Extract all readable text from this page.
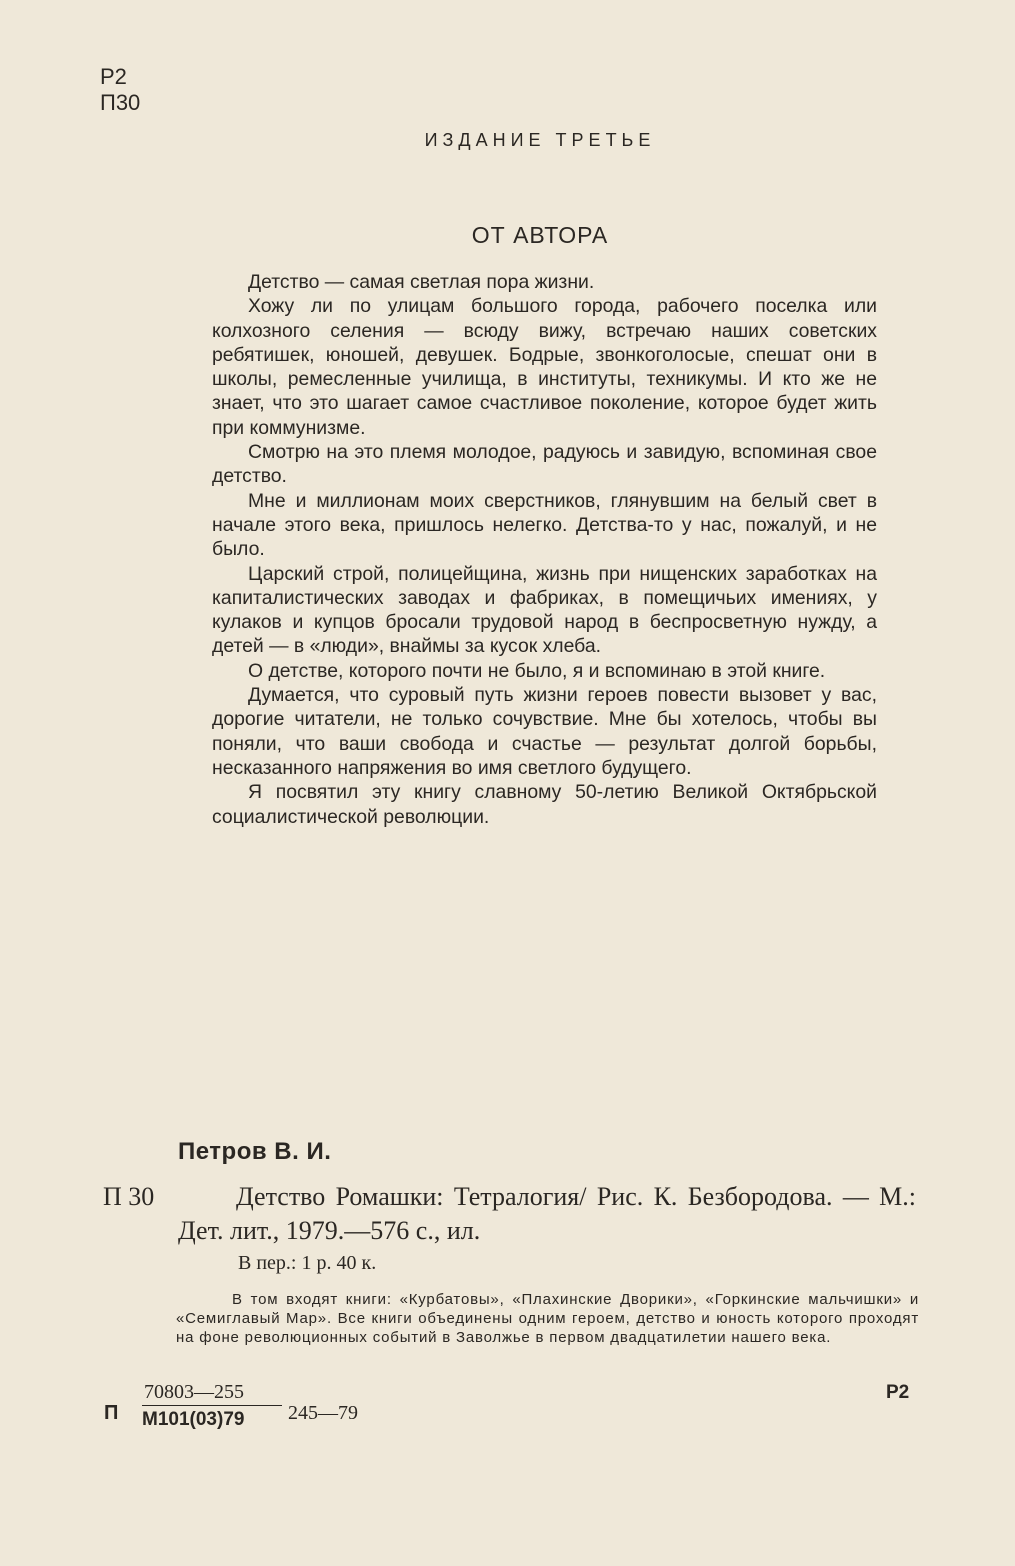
Р2
П30
ИЗДАНИЕ ТРЕТЬЕ
ОТ АВТОРА

Детство — самая светлая пора жизни.

Хожу ли по улицам большого города, рабочего поселка или колхозного селения — всюду вижу, встречаю наших советских ребятишек, юношей, девушек. Бодрые, звонкоголосые, спешат они в школы, ремесленные училища, в институты, техникумы. И кто же не знает, что это шагает самое счастливое поколение, которое будет жить при коммунизме.

Смотрю на это племя молодое, радуюсь и завидую, вспоминая свое детство.

Мне и миллионам моих сверстников, глянувшим на белый свет в начале этого века, пришлось нелегко. Детства-то у нас, пожалуй, и не было.

Царский строй, полицейщина, жизнь при нищенских заработках на капиталистических заводах и фабриках, в помещичьих имениях, у кулаков и купцов бросали трудовой народ в беспросветную нужду, а детей — в «люди», внаймы за кусок хлеба.

О детстве, которого почти не было, я и вспоминаю в этой книге.

Думается, что суровый путь жизни героев повести вызовет у вас, дорогие читатели, не только сочувствие. Мне бы хотелось, чтобы вы поняли, что ваши свобода и счастье — результат долгой борьбы, несказанного напряжения во имя светлого будущего.

Я посвятил эту книгу славному 50-летию Великой Октябрьской социалистической революции.

Петров В. И.
П 30	Детство Ромашки: Тетралогия/ Рис. К. Безбородова. — М.: Дет. лит., 1979.—576 с., ил.

В пер.: 1 р. 40 к.

В том входят книги: «Курбатовы», «Плахинские Дворики», «Горкинские мальчишки» и «Семиглавый Мар». Все книги объединены одним героем, детство и юность которого проходят на фоне революционных событий в Заволжье в первом двадцатилетии нашего века.

П
70803—255
М101(03)79	245—79
Р2
